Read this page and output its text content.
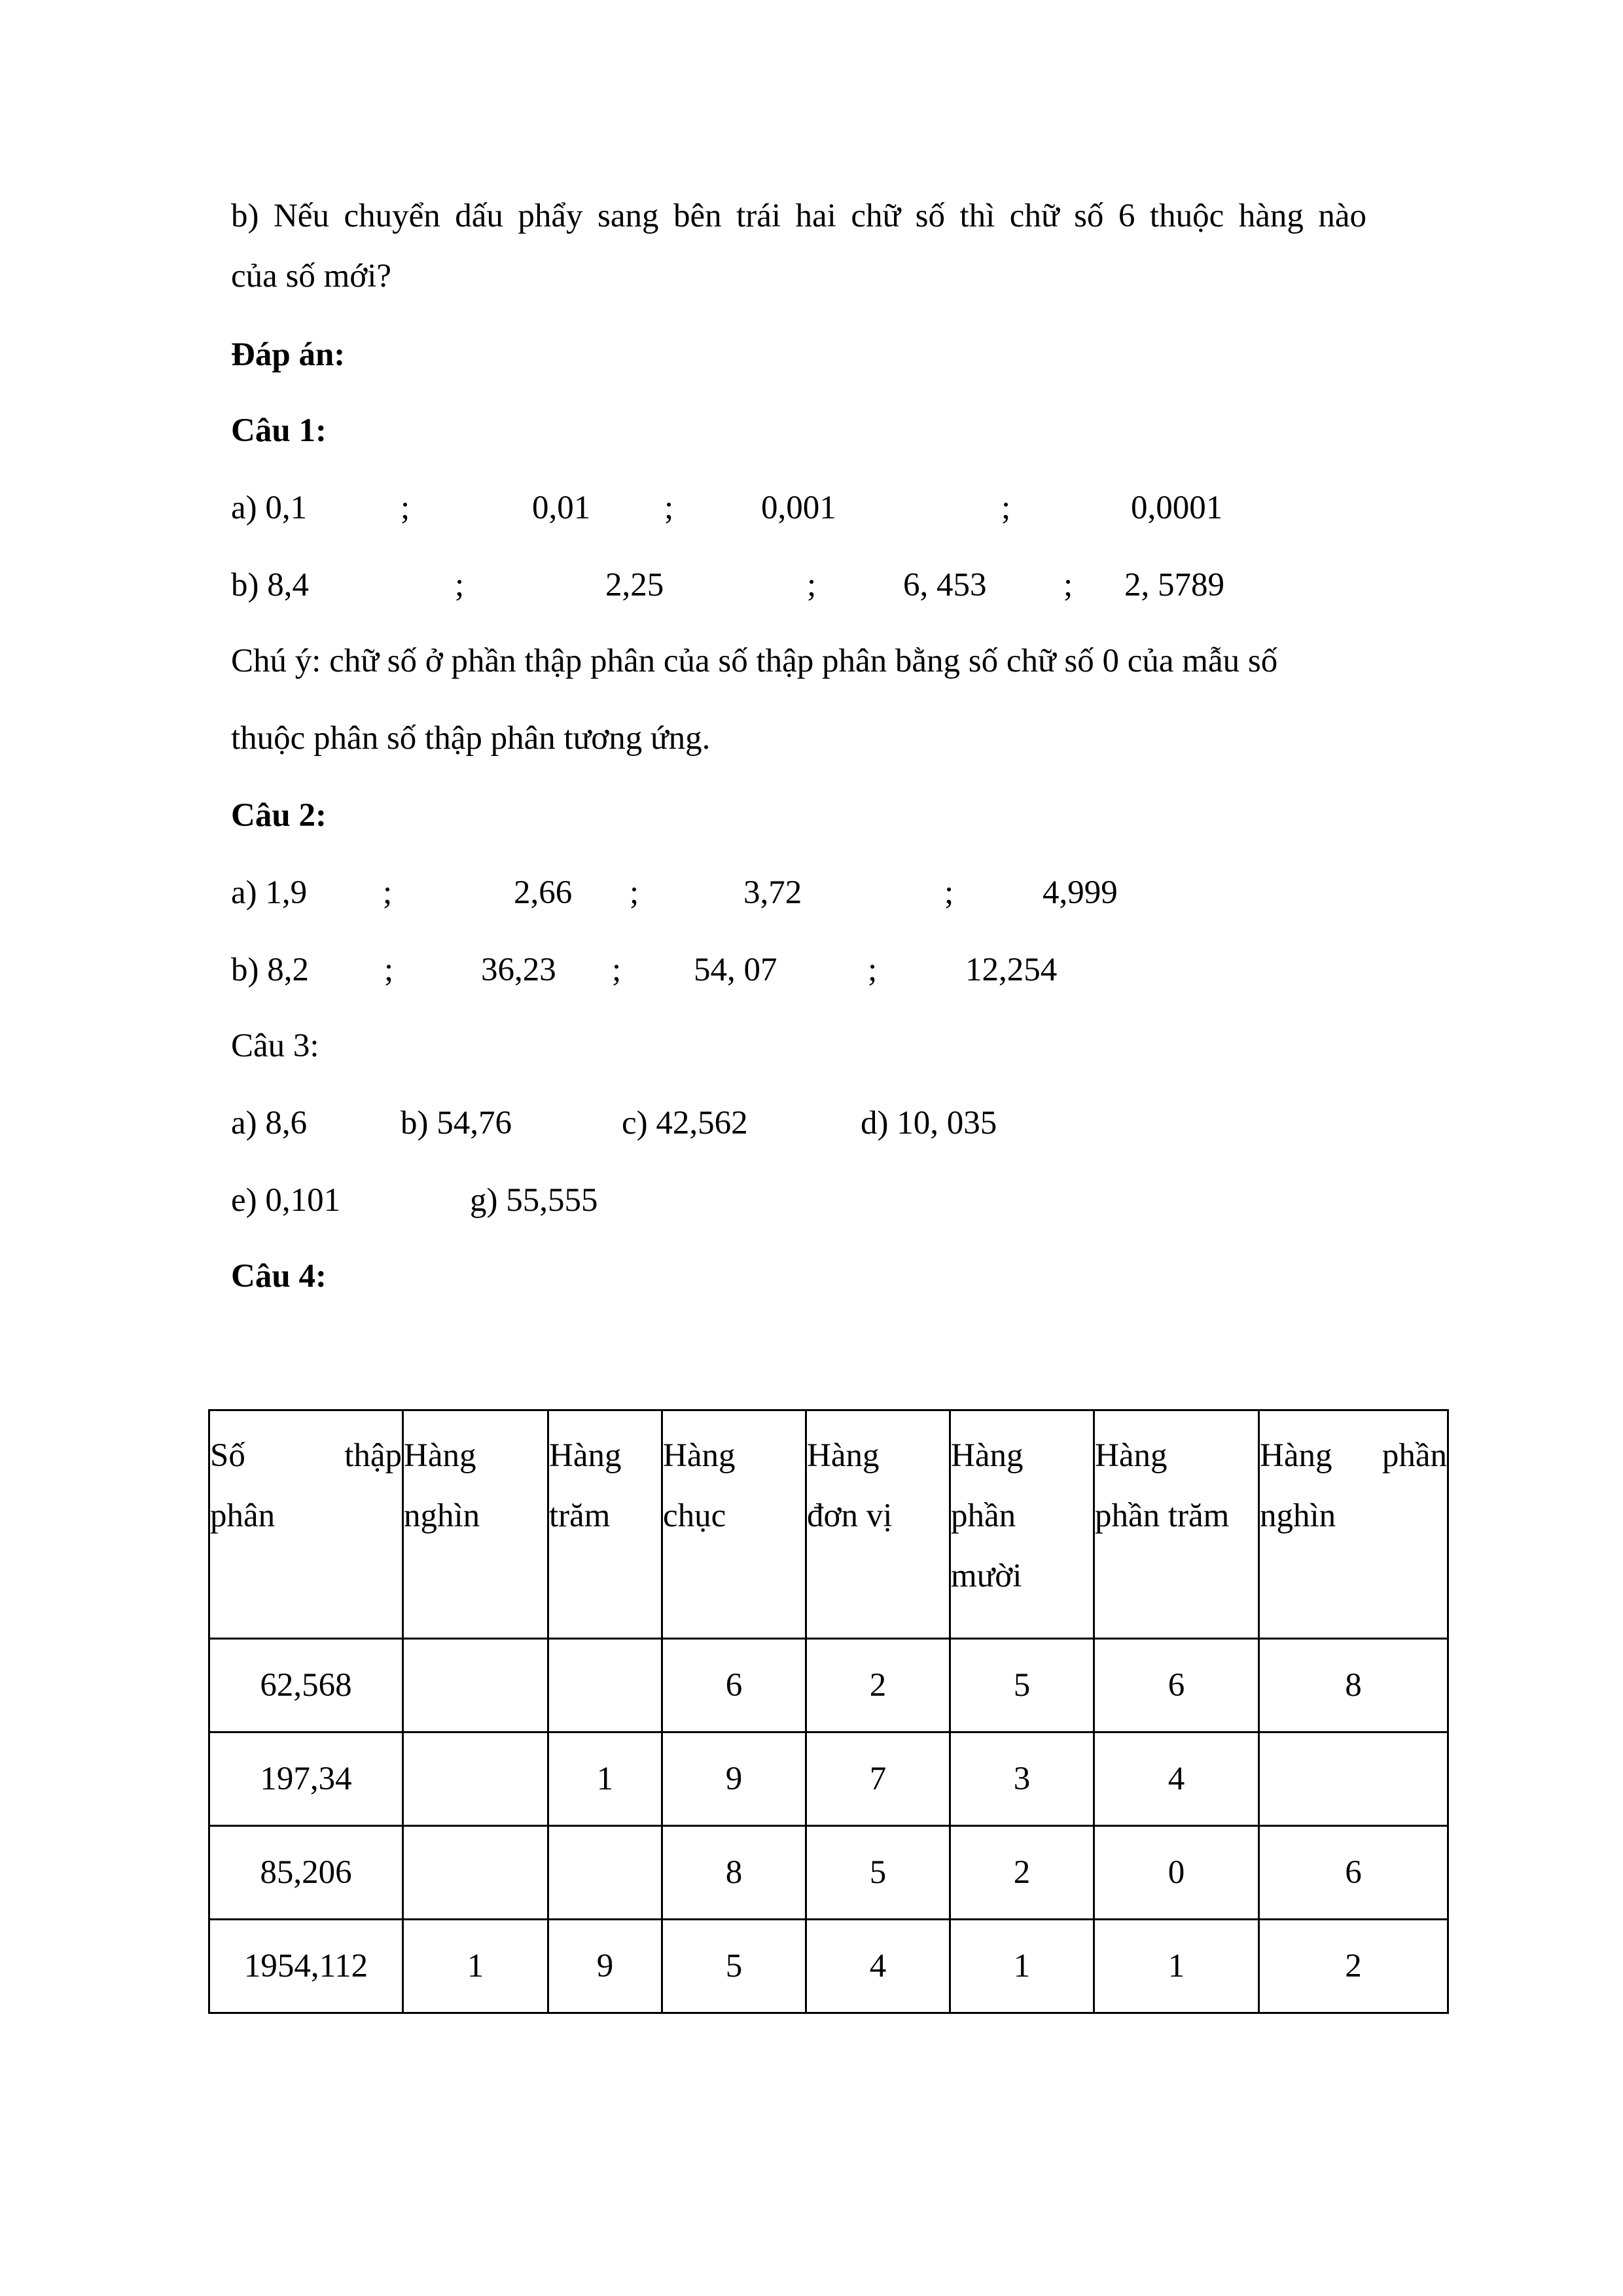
b) Nếu chuyển dấu phẩy sang bên trái hai chữ số thì chữ số 6 thuộc hàng nào
của số mới?
Đáp án:
Câu 1:
a) 0,1	;	0,01 ;	0,001	;	0,0001
b) 8,4	;	2,25	;	6, 453 ; 2, 5789
Chú ý: chữ số ở phần thập phân của số thập phân bằng số chữ số 0 của mẫu số
thuộc phân số thập phân tương ứng.
Câu 2:
a) 1,9 ;	2,66 ;	3,72	;	4,999
b) 8,2 ;	36,23 ; 54, 07	;	12,254
Câu 3:
a) 8,6	b) 54,76	c) 42,562	d) 10, 035
e) 0,101	g) 55,555
Câu 4:
Số thập
phân	Hàng
nghìn	Hàng
trăm	Hàng
chục	Hàng
đơn vị	Hàng
phần
mười	Hàng
phần trăm	Hàng phần
nghìn

62,568			6	2	5	6	8
197,34		1	9	7	3	4	
85,206			8	5	2	0	6
1954,112	1	9	5	4	1	1	2
